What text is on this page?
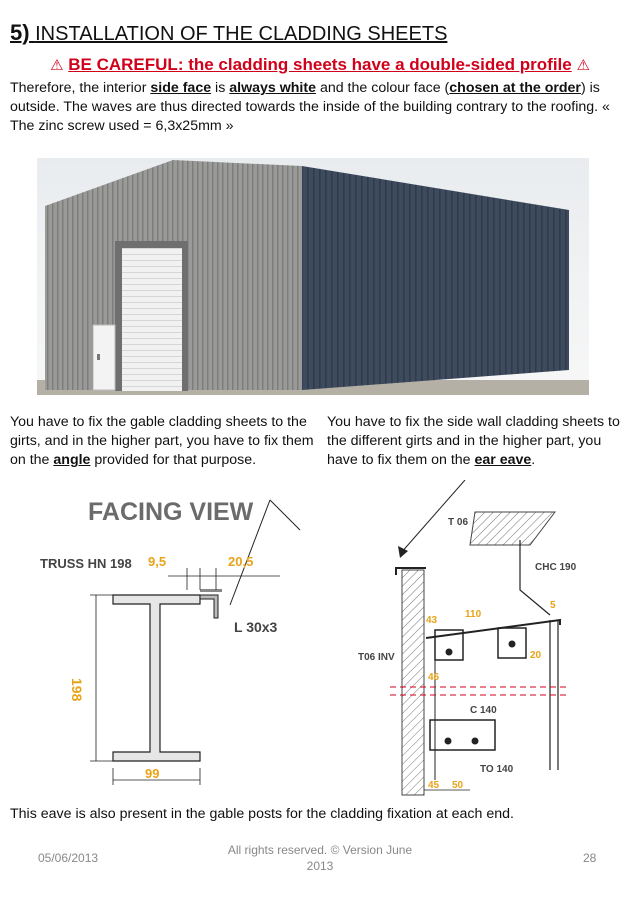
5) INSTALLATION OF THE CLADDING SHEETS
⚠ BE CAREFUL: the cladding sheets have a double-sided profile ⚠
Therefore, the interior side face is always white and the colour face (chosen at the order) is outside. The waves are thus directed towards the inside of the building contrary to the roofing. « The zinc screw used = 6,3x25mm »
You have to fix the gable cladding sheets to the girts, and in the higher part, you have to fix them on the angle provided for that purpose.
You have to fix the side wall cladding sheets to the different girts and in the higher part, you have to fix them on the ear eave.
FACING VIEW
TRUSS HN 198 9,5	20,5
L 30x3
198
99
T 06
CHC 190
43
110
5
20
T06 INV
46
C 140
TO 140
45 50
This eave is also present in the gable posts for the cladding fixation at each end.
05/06/2013
All rights reserved. © Version June 2013
28
